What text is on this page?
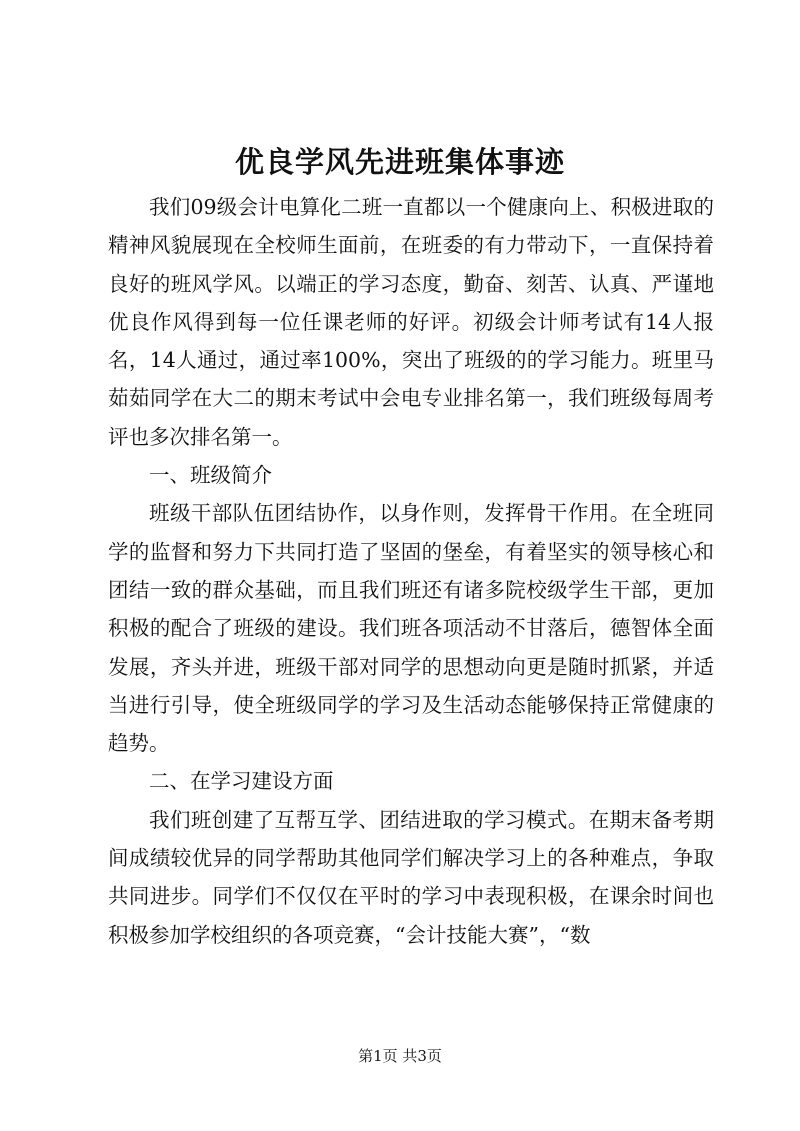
优良学风先进班集体事迹

我们09级会计电算化二班一直都以一个健康向上、积极进取的精神风貌展现在全校师生面前，在班委的有力带动下，一直保持着良好的班风学风。以端正的学习态度，勤奋、刻苦、认真、严谨地优良作风得到每一位任课老师的好评。初级会计师考试有14人报名，14人通过，通过率100%，突出了班级的的学习能力。班里马茹茹同学在大二的期末考试中会电专业排名第一，我们班级每周考评也多次排名第一。

一、班级简介

班级干部队伍团结协作，以身作则，发挥骨干作用。在全班同学的监督和努力下共同打造了坚固的堡垒，有着坚实的领导核心和团结一致的群众基础，而且我们班还有诸多院校级学生干部，更加积极的配合了班级的建设。我们班各项活动不甘落后，德智体全面发展，齐头并进，班级干部对同学的思想动向更是随时抓紧，并适当进行引导，使全班级同学的学习及生活动态能够保持正常健康的趋势。

二、在学习建设方面

我们班创建了互帮互学、团结进取的学习模式。在期末备考期间成绩较优异的同学帮助其他同学们解决学习上的各种难点，争取共同进步。同学们不仅仅在平时的学习中表现积极，在课余时间也积极参加学校组织的各项竞赛，“会计技能大赛”，“数

第1页 共3页
